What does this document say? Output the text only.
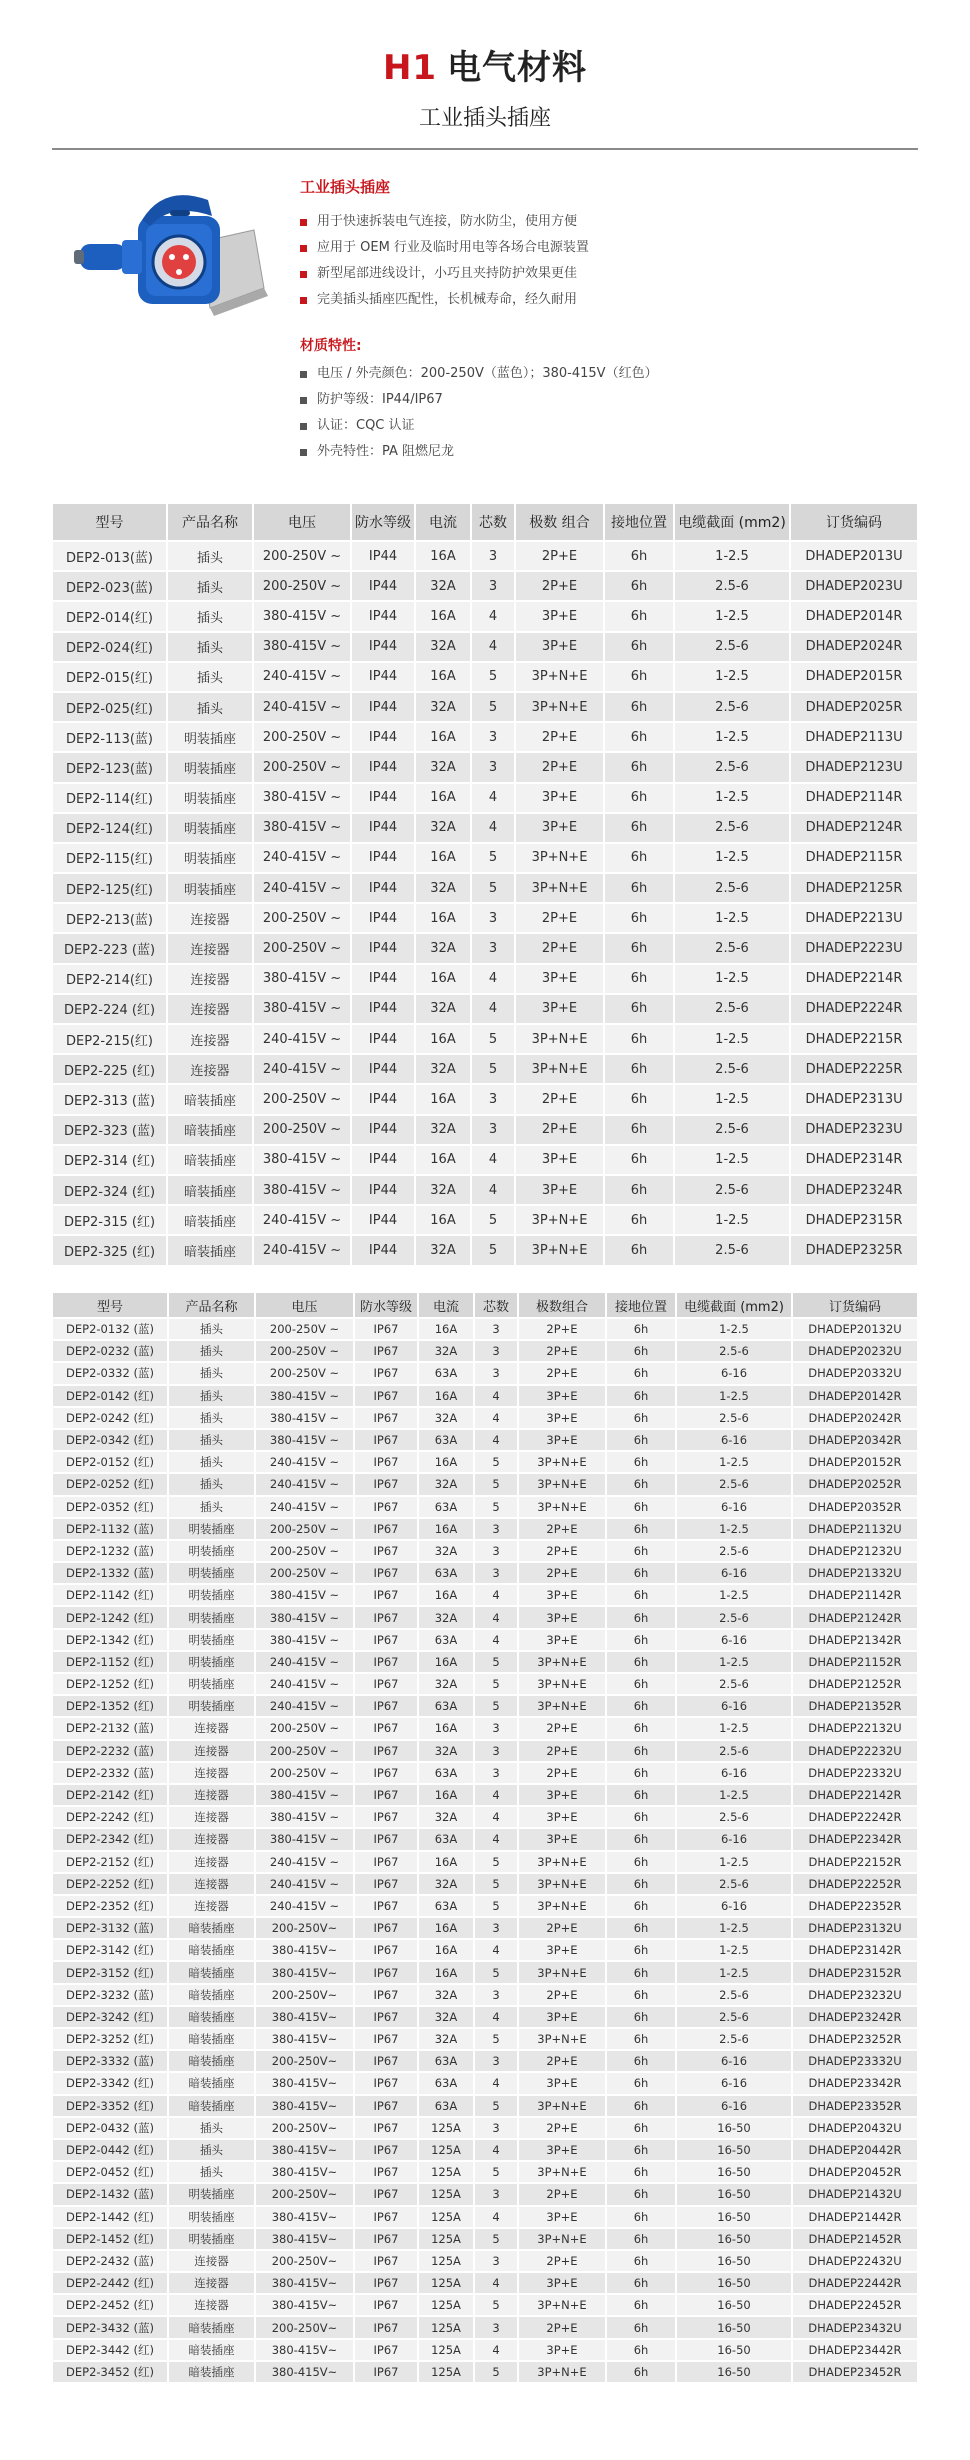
H1 电气材料
工业插头插座
工业插头插座
用于快速拆装电气连接，防水防尘，使用方便
应用于 OEM 行业及临时用电等各场合电源装置
新型尾部进线设计，小巧且夹持防护效果更佳
完美插头插座匹配性，长机械寿命，经久耐用
材质特性:
电压 / 外壳颜色：200-250V（蓝色）；380-415V（红色）
防护等级：IP44/IP67
认证：CQC 认证
外壳特性：PA 阻燃尼龙
型号	产品名称	电压	防水等级	电流	芯数	极数 组合	接地位置	电缆截面 (mm2)	订货编码
DEP2-013(蓝)	插头	200-250V ~	IP44	16A	3	2P+E	6h	1-2.5	DHADEP2013U
DEP2-023(蓝)	插头	200-250V ~	IP44	32A	3	2P+E	6h	2.5-6	DHADEP2023U
DEP2-014(红)	插头	380-415V ~	IP44	16A	4	3P+E	6h	1-2.5	DHADEP2014R
DEP2-024(红)	插头	380-415V ~	IP44	32A	4	3P+E	6h	2.5-6	DHADEP2024R
DEP2-015(红)	插头	240-415V ~	IP44	16A	5	3P+N+E	6h	1-2.5	DHADEP2015R
DEP2-025(红)	插头	240-415V ~	IP44	32A	5	3P+N+E	6h	2.5-6	DHADEP2025R
DEP2-113(蓝)	明装插座	200-250V ~	IP44	16A	3	2P+E	6h	1-2.5	DHADEP2113U
DEP2-123(蓝)	明装插座	200-250V ~	IP44	32A	3	2P+E	6h	2.5-6	DHADEP2123U
DEP2-114(红)	明装插座	380-415V ~	IP44	16A	4	3P+E	6h	1-2.5	DHADEP2114R
DEP2-124(红)	明装插座	380-415V ~	IP44	32A	4	3P+E	6h	2.5-6	DHADEP2124R
DEP2-115(红)	明装插座	240-415V ~	IP44	16A	5	3P+N+E	6h	1-2.5	DHADEP2115R
DEP2-125(红)	明装插座	240-415V ~	IP44	32A	5	3P+N+E	6h	2.5-6	DHADEP2125R
DEP2-213(蓝)	连接器	200-250V ~	IP44	16A	3	2P+E	6h	1-2.5	DHADEP2213U
DEP2-223 (蓝)	连接器	200-250V ~	IP44	32A	3	2P+E	6h	2.5-6	DHADEP2223U
DEP2-214(红)	连接器	380-415V ~	IP44	16A	4	3P+E	6h	1-2.5	DHADEP2214R
DEP2-224 (红)	连接器	380-415V ~	IP44	32A	4	3P+E	6h	2.5-6	DHADEP2224R
DEP2-215(红)	连接器	240-415V ~	IP44	16A	5	3P+N+E	6h	1-2.5	DHADEP2215R
DEP2-225 (红)	连接器	240-415V ~	IP44	32A	5	3P+N+E	6h	2.5-6	DHADEP2225R
DEP2-313 (蓝)	暗装插座	200-250V ~	IP44	16A	3	2P+E	6h	1-2.5	DHADEP2313U
DEP2-323 (蓝)	暗装插座	200-250V ~	IP44	32A	3	2P+E	6h	2.5-6	DHADEP2323U
DEP2-314 (红)	暗装插座	380-415V ~	IP44	16A	4	3P+E	6h	1-2.5	DHADEP2314R
DEP2-324 (红)	暗装插座	380-415V ~	IP44	32A	4	3P+E	6h	2.5-6	DHADEP2324R
DEP2-315 (红)	暗装插座	240-415V ~	IP44	16A	5	3P+N+E	6h	1-2.5	DHADEP2315R
DEP2-325 (红)	暗装插座	240-415V ~	IP44	32A	5	3P+N+E	6h	2.5-6	DHADEP2325R
型号	产品名称	电压	防水等级	电流	芯数	极数组合	接地位置	电缆截面 (mm2)	订货编码
DEP2-0132 (蓝)	插头	200-250V ~	IP67	16A	3	2P+E	6h	1-2.5	DHADEP20132U
DEP2-0232 (蓝)	插头	200-250V ~	IP67	32A	3	2P+E	6h	2.5-6	DHADEP20232U
DEP2-0332 (蓝)	插头	200-250V ~	IP67	63A	3	2P+E	6h	6-16	DHADEP20332U
DEP2-0142 (红)	插头	380-415V ~	IP67	16A	4	3P+E	6h	1-2.5	DHADEP20142R
DEP2-0242 (红)	插头	380-415V ~	IP67	32A	4	3P+E	6h	2.5-6	DHADEP20242R
DEP2-0342 (红)	插头	380-415V ~	IP67	63A	4	3P+E	6h	6-16	DHADEP20342R
DEP2-0152 (红)	插头	240-415V ~	IP67	16A	5	3P+N+E	6h	1-2.5	DHADEP20152R
DEP2-0252 (红)	插头	240-415V ~	IP67	32A	5	3P+N+E	6h	2.5-6	DHADEP20252R
DEP2-0352 (红)	插头	240-415V ~	IP67	63A	5	3P+N+E	6h	6-16	DHADEP20352R
DEP2-1132 (蓝)	明装插座	200-250V ~	IP67	16A	3	2P+E	6h	1-2.5	DHADEP21132U
DEP2-1232 (蓝)	明装插座	200-250V ~	IP67	32A	3	2P+E	6h	2.5-6	DHADEP21232U
DEP2-1332 (蓝)	明装插座	200-250V ~	IP67	63A	3	2P+E	6h	6-16	DHADEP21332U
DEP2-1142 (红)	明装插座	380-415V ~	IP67	16A	4	3P+E	6h	1-2.5	DHADEP21142R
DEP2-1242 (红)	明装插座	380-415V ~	IP67	32A	4	3P+E	6h	2.5-6	DHADEP21242R
DEP2-1342 (红)	明装插座	380-415V ~	IP67	63A	4	3P+E	6h	6-16	DHADEP21342R
DEP2-1152 (红)	明装插座	240-415V ~	IP67	16A	5	3P+N+E	6h	1-2.5	DHADEP21152R
DEP2-1252 (红)	明装插座	240-415V ~	IP67	32A	5	3P+N+E	6h	2.5-6	DHADEP21252R
DEP2-1352 (红)	明装插座	240-415V ~	IP67	63A	5	3P+N+E	6h	6-16	DHADEP21352R
DEP2-2132 (蓝)	连接器	200-250V ~	IP67	16A	3	2P+E	6h	1-2.5	DHADEP22132U
DEP2-2232 (蓝)	连接器	200-250V ~	IP67	32A	3	2P+E	6h	2.5-6	DHADEP22232U
DEP2-2332 (蓝)	连接器	200-250V ~	IP67	63A	3	2P+E	6h	6-16	DHADEP22332U
DEP2-2142 (红)	连接器	380-415V ~	IP67	16A	4	3P+E	6h	1-2.5	DHADEP22142R
DEP2-2242 (红)	连接器	380-415V ~	IP67	32A	4	3P+E	6h	2.5-6	DHADEP22242R
DEP2-2342 (红)	连接器	380-415V ~	IP67	63A	4	3P+E	6h	6-16	DHADEP22342R
DEP2-2152 (红)	连接器	240-415V ~	IP67	16A	5	3P+N+E	6h	1-2.5	DHADEP22152R
DEP2-2252 (红)	连接器	240-415V ~	IP67	32A	5	3P+N+E	6h	2.5-6	DHADEP22252R
DEP2-2352 (红)	连接器	240-415V ~	IP67	63A	5	3P+N+E	6h	6-16	DHADEP22352R
DEP2-3132 (蓝)	暗装插座	200-250V~	IP67	16A	3	2P+E	6h	1-2.5	DHADEP23132U
DEP2-3142 (红)	暗装插座	380-415V~	IP67	16A	4	3P+E	6h	1-2.5	DHADEP23142R
DEP2-3152 (红)	暗装插座	380-415V~	IP67	16A	5	3P+N+E	6h	1-2.5	DHADEP23152R
DEP2-3232 (蓝)	暗装插座	200-250V~	IP67	32A	3	2P+E	6h	2.5-6	DHADEP23232U
DEP2-3242 (红)	暗装插座	380-415V~	IP67	32A	4	3P+E	6h	2.5-6	DHADEP23242R
DEP2-3252 (红)	暗装插座	380-415V~	IP67	32A	5	3P+N+E	6h	2.5-6	DHADEP23252R
DEP2-3332 (蓝)	暗装插座	200-250V~	IP67	63A	3	2P+E	6h	6-16	DHADEP23332U
DEP2-3342 (红)	暗装插座	380-415V~	IP67	63A	4	3P+E	6h	6-16	DHADEP23342R
DEP2-3352 (红)	暗装插座	380-415V~	IP67	63A	5	3P+N+E	6h	6-16	DHADEP23352R
DEP2-0432 (蓝)	插头	200-250V~	IP67	125A	3	2P+E	6h	16-50	DHADEP20432U
DEP2-0442 (红)	插头	380-415V~	IP67	125A	4	3P+E	6h	16-50	DHADEP20442R
DEP2-0452 (红)	插头	380-415V~	IP67	125A	5	3P+N+E	6h	16-50	DHADEP20452R
DEP2-1432 (蓝)	明装插座	200-250V~	IP67	125A	3	2P+E	6h	16-50	DHADEP21432U
DEP2-1442 (红)	明装插座	380-415V~	IP67	125A	4	3P+E	6h	16-50	DHADEP21442R
DEP2-1452 (红)	明装插座	380-415V~	IP67	125A	5	3P+N+E	6h	16-50	DHADEP21452R
DEP2-2432 (蓝)	连接器	200-250V~	IP67	125A	3	2P+E	6h	16-50	DHADEP22432U
DEP2-2442 (红)	连接器	380-415V~	IP67	125A	4	3P+E	6h	16-50	DHADEP22442R
DEP2-2452 (红)	连接器	380-415V~	IP67	125A	5	3P+N+E	6h	16-50	DHADEP22452R
DEP2-3432 (蓝)	暗装插座	200-250V~	IP67	125A	3	2P+E	6h	16-50	DHADEP23432U
DEP2-3442 (红)	暗装插座	380-415V~	IP67	125A	4	3P+E	6h	16-50	DHADEP23442R
DEP2-3452 (红)	暗装插座	380-415V~	IP67	125A	5	3P+N+E	6h	16-50	DHADEP23452R
